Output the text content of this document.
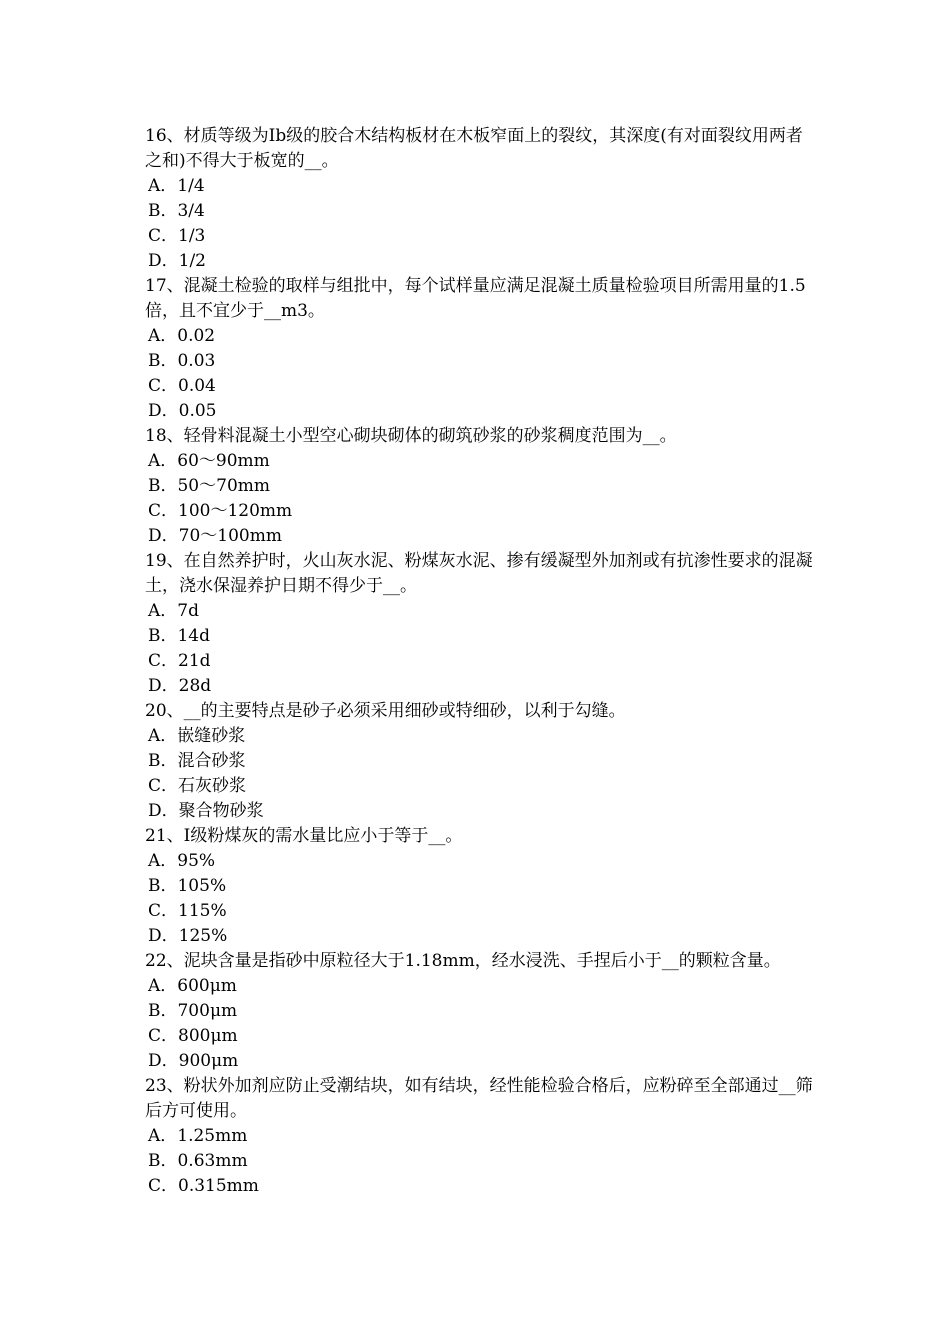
16、材质等级为Ⅰb级的胶合木结构板材在木板窄面上的裂纹，其深度(有对面裂纹用两者之和)不得大于板宽的__。
A．1/4
B．3/4
C．1/3
D．1/2
17、混凝土检验的取样与组批中，每个试样量应满足混凝土质量检验项目所需用量的1.5倍，且不宜少于__m3。
A．0.02
B．0.03
C．0.04
D．0.05
18、轻骨料混凝土小型空心砌块砌体的砌筑砂浆的砂浆稠度范围为__。
A．60～90mm
B．50～70mm
C．100～120mm
D．70～100mm
19、在自然养护时，火山灰水泥、粉煤灰水泥、掺有缓凝型外加剂或有抗渗性要求的混凝土，浇水保湿养护日期不得少于__。
A．7d
B．14d
C．21d
D．28d
20、__的主要特点是砂子必须采用细砂或特细砂，以利于勾缝。
A．嵌缝砂浆
B．混合砂浆
C．石灰砂浆
D．聚合物砂浆
21、Ⅰ级粉煤灰的需水量比应小于等于__。
A．95%
B．105%
C．115%
D．125%
22、泥块含量是指砂中原粒径大于1.18mm，经水浸洗、手捏后小于__的颗粒含量。
A．600μm
B．700μm
C．800μm
D．900μm
23、粉状外加剂应防止受潮结块，如有结块，经性能检验合格后，应粉碎至全部通过__筛后方可使用。
A．1.25mm
B．0.63mm
C．0.315mm
